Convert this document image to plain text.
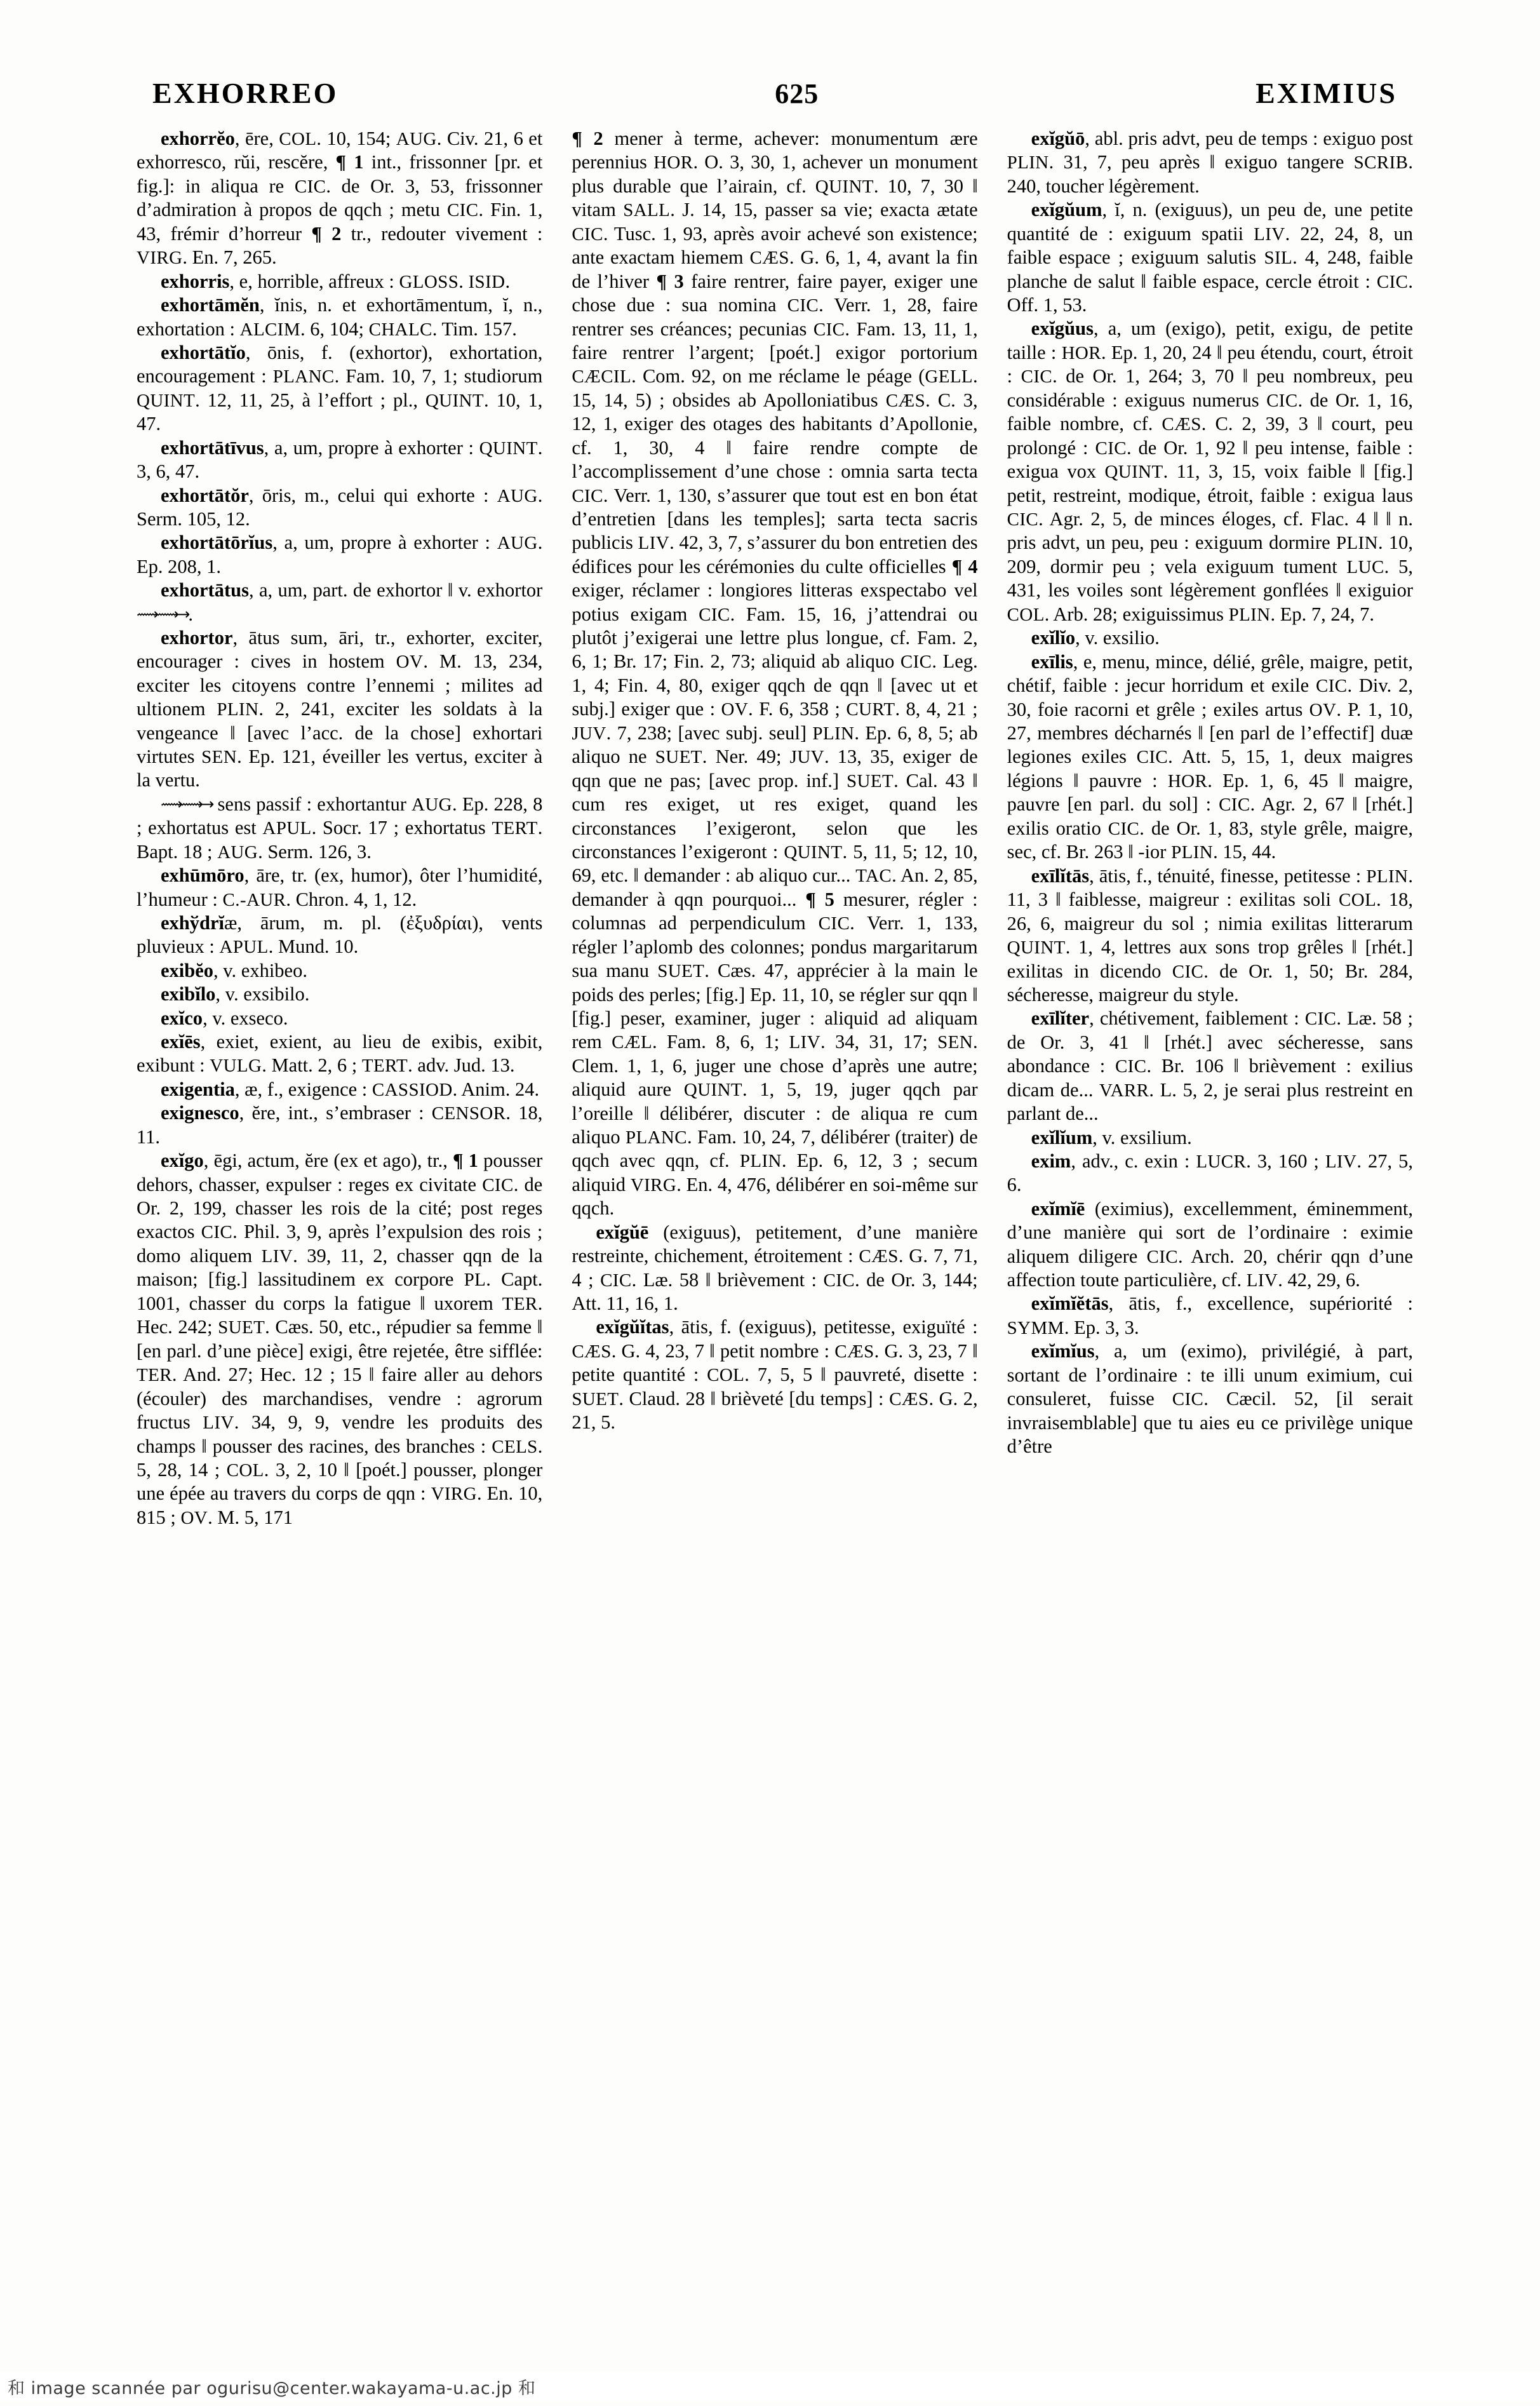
EXHORREO	625	EXIMIUS

exhorrĕo, ēre, COL. 10, 154; AUG. Civ. 21, 6 et exhorresco, rŭi, rescĕre, ¶ 1 int., frissonner [pr. et fig.]: in aliqua re CIC. de Or. 3, 53, frissonner d’admiration à propos de qqch ; metu CIC. Fin. 1, 43, frémir d’horreur ¶ 2 tr., redouter vivement : VIRG. En. 7, 265.

exhorris, e, horrible, affreux : GLOSS. ISID.

exhortāmĕn, ĭnis, n. et exhortāmentum, ĭ, n., exhortation : ALCIM. 6, 104; CHALC. Tim. 157.

exhortātĭo, ōnis, f. (exhortor), exhortation, encouragement : PLANC. Fam. 10, 7, 1; studiorum QUINT. 12, 11, 25, à l’effort ; pl., QUINT. 10, 1, 47.

exhortātīvus, a, um, propre à exhorter : QUINT. 3, 6, 47.

exhortātŏr, ōris, m., celui qui exhorte : AUG. Serm. 105, 12.

exhortātōrĭus, a, um, propre à exhorter : AUG. Ep. 208, 1.

exhortātus, a, um, part. de exhortor ‖ v. exhortor ⟿⟿→.

exhortor, ātus sum, āri, tr., exhorter, exciter, encourager : cives in hostem OV. M. 13, 234, exciter les citoyens contre l’ennemi ; milites ad ultionem PLIN. 2, 241, exciter les soldats à la vengeance ‖ [avec l’acc. de la chose] exhortari virtutes SEN. Ep. 121, éveiller les vertus, exciter à la vertu.

⟿⟿→ sens passif : exhortantur AUG. Ep. 228, 8 ; exhortatus est APUL. Socr. 17 ; exhortatus TERT. Bapt. 18 ; AUG. Serm. 126, 3.

exhūmōro, āre, tr. (ex, humor), ôter l’humidité, l’humeur : C.-AUR. Chron. 4, 1, 12.

exhўdrĭæ, ārum, m. pl. (ἐξυδρίαι), vents pluvieux : APUL. Mund. 10.

exibĕo, v. exhibeo.

exibĭlo, v. exsibilo.

exĭco, v. exseco.

exĭēs, exiet, exient, au lieu de exibis, exibit, exibunt : VULG. Matt. 2, 6 ; TERT. adv. Jud. 13.

exigentia, æ, f., exigence : CASSIOD. Anim. 24.

exignesco, ĕre, int., s’embraser : CENSOR. 18, 11.

exĭgo, ēgi, actum, ĕre (ex et ago), tr., ¶ 1 pousser dehors, chasser, expulser : reges ex civitate CIC. de Or. 2, 199, chasser les rois de la cité; post reges exactos CIC. Phil. 3, 9, après l’expulsion des rois ; domo aliquem LIV. 39, 11, 2, chasser qqn de la maison; [fig.] lassitudinem ex corpore PL. Capt. 1001, chasser du corps la fatigue ‖ uxorem TER. Hec. 242; SUET. Cæs. 50, etc., répudier sa femme ‖ [en parl. d’une pièce] exigi, être rejetée, être sifflée: TER. And. 27; Hec. 12 ; 15 ‖ faire aller au dehors (écouler) des marchandises, vendre : agrorum fructus LIV. 34, 9, 9, vendre les produits des champs ‖ pousser des racines, des branches : CELS. 5, 28, 14 ; COL. 3, 2, 10 ‖ [poét.] pousser, plonger une épée au travers du corps de qqn : VIRG. En. 10, 815 ; OV. M. 5, 171

¶ 2 mener à terme, achever: monumentum ære perennius HOR. O. 3, 30, 1, achever un monument plus durable que l’airain, cf. QUINT. 10, 7, 30 ‖ vitam SALL. J. 14, 15, passer sa vie; exacta ætate CIC. Tusc. 1, 93, après avoir achevé son existence; ante exactam hiemem CÆS. G. 6, 1, 4, avant la fin de l’hiver ¶ 3 faire rentrer, faire payer, exiger une chose due : sua nomina CIC. Verr. 1, 28, faire rentrer ses créances; pecunias CIC. Fam. 13, 11, 1, faire rentrer l’argent; [poét.] exigor portorium CÆCIL. Com. 92, on me réclame le péage (GELL. 15, 14, 5) ; obsides ab Apolloniatibus CÆS. C. 3, 12, 1, exiger des otages des habitants d’Apollonie, cf. 1, 30, 4 ‖ faire rendre compte de l’accomplissement d’une chose : omnia sarta tecta CIC. Verr. 1, 130, s’assurer que tout est en bon état d’entretien [dans les temples]; sarta tecta sacris publicis LIV. 42, 3, 7, s’assurer du bon entretien des édifices pour les cérémonies du culte officielles ¶ 4 exiger, réclamer : longiores litteras exspectabo vel potius exigam CIC. Fam. 15, 16, j’attendrai ou plutôt j’exigerai une lettre plus longue, cf. Fam. 2, 6, 1; Br. 17; Fin. 2, 73; aliquid ab aliquo CIC. Leg. 1, 4; Fin. 4, 80, exiger qqch de qqn ‖ [avec ut et subj.] exiger que : OV. F. 6, 358 ; CURT. 8, 4, 21 ; JUV. 7, 238; [avec subj. seul] PLIN. Ep. 6, 8, 5; ab aliquo ne SUET. Ner. 49; JUV. 13, 35, exiger de qqn que ne pas; [avec prop. inf.] SUET. Cal. 43 ‖ cum res exiget, ut res exiget, quand les circonstances l’exigeront, selon que les circonstances l’exigeront : QUINT. 5, 11, 5; 12, 10, 69, etc. ‖ demander : ab aliquo cur... TAC. An. 2, 85, demander à qqn pourquoi... ¶ 5 mesurer, régler : columnas ad perpendiculum CIC. Verr. 1, 133, régler l’aplomb des colonnes; pondus margaritarum sua manu SUET. Cæs. 47, apprécier à la main le poids des perles; [fig.] Ep. 11, 10, se régler sur qqn ‖ [fig.] peser, examiner, juger : aliquid ad aliquam rem CÆL. Fam. 8, 6, 1; LIV. 34, 31, 17; SEN. Clem. 1, 1, 6, juger une chose d’après une autre; aliquid aure QUINT. 1, 5, 19, juger qqch par l’oreille ‖ délibérer, discuter : de aliqua re cum aliquo PLANC. Fam. 10, 24, 7, délibérer (traiter) de qqch avec qqn, cf. PLIN. Ep. 6, 12, 3 ; secum aliquid VIRG. En. 4, 476, délibérer en soi-même sur qqch.

exĭgŭē (exiguus), petitement, d’une manière restreinte, chichement, étroitement : CÆS. G. 7, 71, 4 ; CIC. Læ. 58 ‖ brièvement : CIC. de Or. 3, 144; Att. 11, 16, 1.

exĭgŭĭtas, ātis, f. (exiguus), petitesse, exiguïté : CÆS. G. 4, 23, 7 ‖ petit nombre : CÆS. G. 3, 23, 7 ‖ petite quantité : COL. 7, 5, 5 ‖ pauvreté, disette : SUET. Claud. 28 ‖ brièveté [du temps] : CÆS. G. 2, 21, 5.

exĭgŭō, abl. pris advt, peu de temps : exiguo post PLIN. 31, 7, peu après ‖ exiguo tangere SCRIB. 240, toucher légèrement.

exĭgŭum, ĭ, n. (exiguus), un peu de, une petite quantité de : exiguum spatii LIV. 22, 24, 8, un faible espace ; exiguum salutis SIL. 4, 248, faible planche de salut ‖ faible espace, cercle étroit : CIC. Off. 1, 53.

exĭgŭus, a, um (exigo), petit, exigu, de petite taille : HOR. Ep. 1, 20, 24 ‖ peu étendu, court, étroit : CIC. de Or. 1, 264; 3, 70 ‖ peu nombreux, peu considérable : exiguus numerus CIC. de Or. 1, 16, faible nombre, cf. CÆS. C. 2, 39, 3 ‖ court, peu prolongé : CIC. de Or. 1, 92 ‖ peu intense, faible : exigua vox QUINT. 11, 3, 15, voix faible ‖ [fig.] petit, restreint, modique, étroit, faible : exigua laus CIC. Agr. 2, 5, de minces éloges, cf. Flac. 4 ‖ ‖ n. pris advt, un peu, peu : exiguum dormire PLIN. 10, 209, dormir peu ; vela exiguum tument LUC. 5, 431, les voiles sont légèrement gonflées ‖ exiguior COL. Arb. 28; exiguissimus PLIN. Ep. 7, 24, 7.

exĭlĭo, v. exsilio.

exīlis, e, menu, mince, délié, grêle, maigre, petit, chétif, faible : jecur horridum et exile CIC. Div. 2, 30, foie racorni et grêle ; exiles artus OV. P. 1, 10, 27, membres décharnés ‖ [en parl de l’effectif] duæ legiones exiles CIC. Att. 5, 15, 1, deux maigres légions ‖ pauvre : HOR. Ep. 1, 6, 45 ‖ maigre, pauvre [en parl. du sol] : CIC. Agr. 2, 67 ‖ [rhét.] exilis oratio CIC. de Or. 1, 83, style grêle, maigre, sec, cf. Br. 263 ‖ -ior PLIN. 15, 44.

exīlĭtās, ātis, f., ténuité, finesse, petitesse : PLIN. 11, 3 ‖ faiblesse, maigreur : exilitas soli COL. 18, 26, 6, maigreur du sol ; nimia exilitas litterarum QUINT. 1, 4, lettres aux sons trop grêles ‖ [rhét.] exilitas in dicendo CIC. de Or. 1, 50; Br. 284, sécheresse, maigreur du style.

exīlĭter, chétivement, faiblement : CIC. Læ. 58 ; de Or. 3, 41 ‖ [rhét.] avec sécheresse, sans abondance : CIC. Br. 106 ‖ brièvement : exilius dicam de... VARR. L. 5, 2, je serai plus restreint en parlant de...

exĭlĭum, v. exsilium.

exim, adv., c. exin : LUCR. 3, 160 ; LIV. 27, 5, 6.

exĭmĭē (eximius), excellemment, éminemment, d’une manière qui sort de l’ordinaire : eximie aliquem diligere CIC. Arch. 20, chérir qqn d’une affection toute particulière, cf. LIV. 42, 29, 6.

exĭmĭĕtās, ātis, f., excellence, supériorité : SYMM. Ep. 3, 3.

exĭmĭus, a, um (eximo), privilégié, à part, sortant de l’ordinaire : te illi unum eximium, cui consuleret, fuisse CIC. Cæcil. 52, [il serait invraisemblable] que tu aies eu ce privilège unique d’être

和 image scannée par ogurisu@center.wakayama-u.ac.jp 和
